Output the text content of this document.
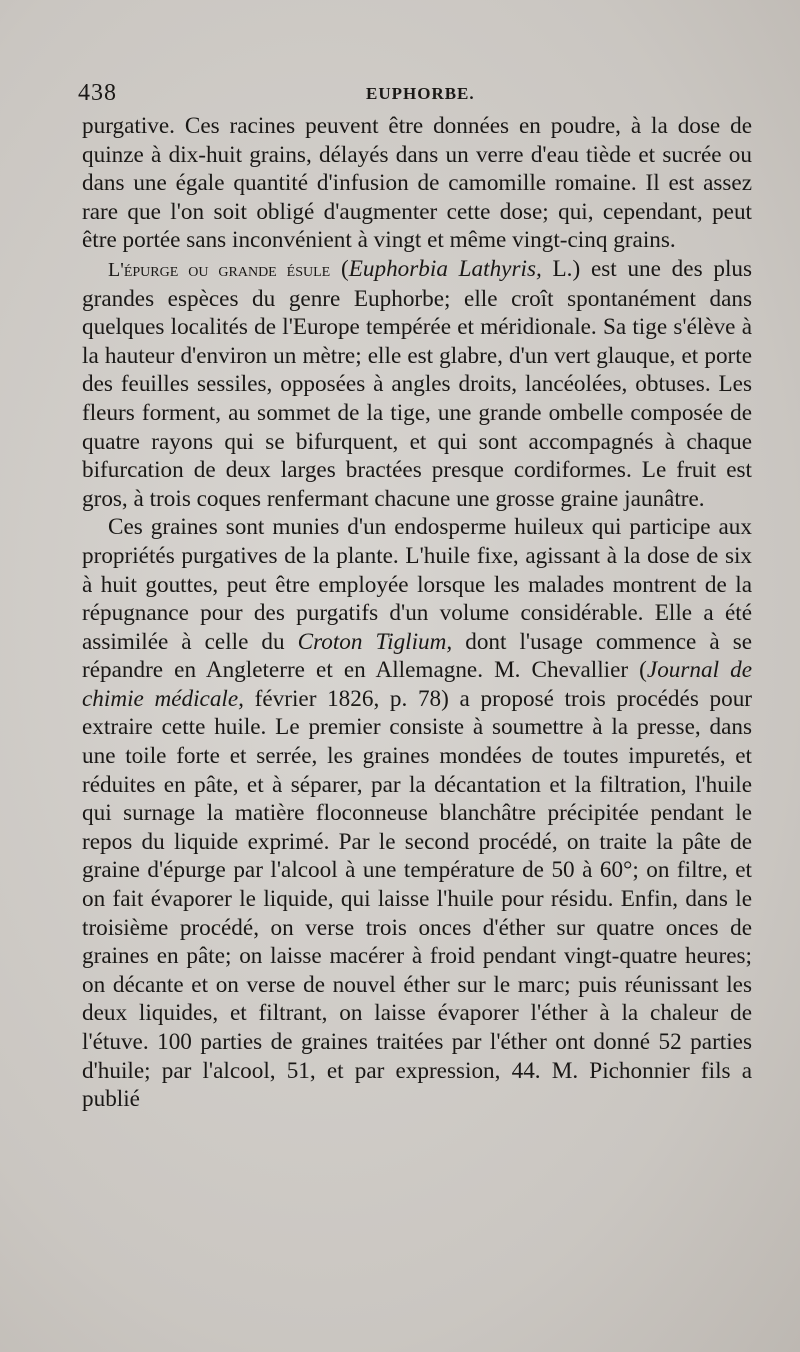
438	EUPHORBE.

purgative. Ces racines peuvent être données en poudre, à la dose de quinze à dix-huit grains, délayés dans un verre d'eau tiède et sucrée ou dans une égale quantité d'infusion de camomille romaine. Il est assez rare que l'on soit obligé d'augmenter cette dose; qui, cependant, peut être portée sans inconvénient à vingt et même vingt-cinq grains.

L'épurge ou grande ésule (Euphorbia Lathyris, L.) est une des plus grandes espèces du genre Euphorbe; elle croît spontanément dans quelques localités de l'Europe tempérée et méridionale. Sa tige s'élève à la hauteur d'environ un mètre; elle est glabre, d'un vert glauque, et porte des feuilles sessiles, opposées à angles droits, lancéolées, obtuses. Les fleurs forment, au sommet de la tige, une grande ombelle composée de quatre rayons qui se bifurquent, et qui sont accompagnés à chaque bifurcation de deux larges bractées presque cordiformes. Le fruit est gros, à trois coques renfermant chacune une grosse graine jaunâtre.

Ces graines sont munies d'un endosperme huileux qui participe aux propriétés purgatives de la plante. L'huile fixe, agissant à la dose de six à huit gouttes, peut être employée lorsque les malades montrent de la répugnance pour des purgatifs d'un volume considérable. Elle a été assimilée à celle du Croton Tiglium, dont l'usage commence à se répandre en Angleterre et en Allemagne. M. Chevallier (Journal de chimie médicale, février 1826, p. 78) a proposé trois procédés pour extraire cette huile. Le premier consiste à soumettre à la presse, dans une toile forte et serrée, les graines mondées de toutes impuretés, et réduites en pâte, et à séparer, par la décantation et la filtration, l'huile qui surnage la matière floconneuse blanchâtre précipitée pendant le repos du liquide exprimé. Par le second procédé, on traite la pâte de graine d'épurge par l'alcool à une température de 50 à 60°; on filtre, et on fait évaporer le liquide, qui laisse l'huile pour résidu. Enfin, dans le troisième procédé, on verse trois onces d'éther sur quatre onces de graines en pâte; on laisse macérer à froid pendant vingt-quatre heures; on décante et on verse de nouvel éther sur le marc; puis réunissant les deux liquides, et filtrant, on laisse évaporer l'éther à la chaleur de l'étuve. 100 parties de graines traitées par l'éther ont donné 52 parties d'huile; par l'alcool, 51, et par expression, 44. M. Pichonnier fils a publié
